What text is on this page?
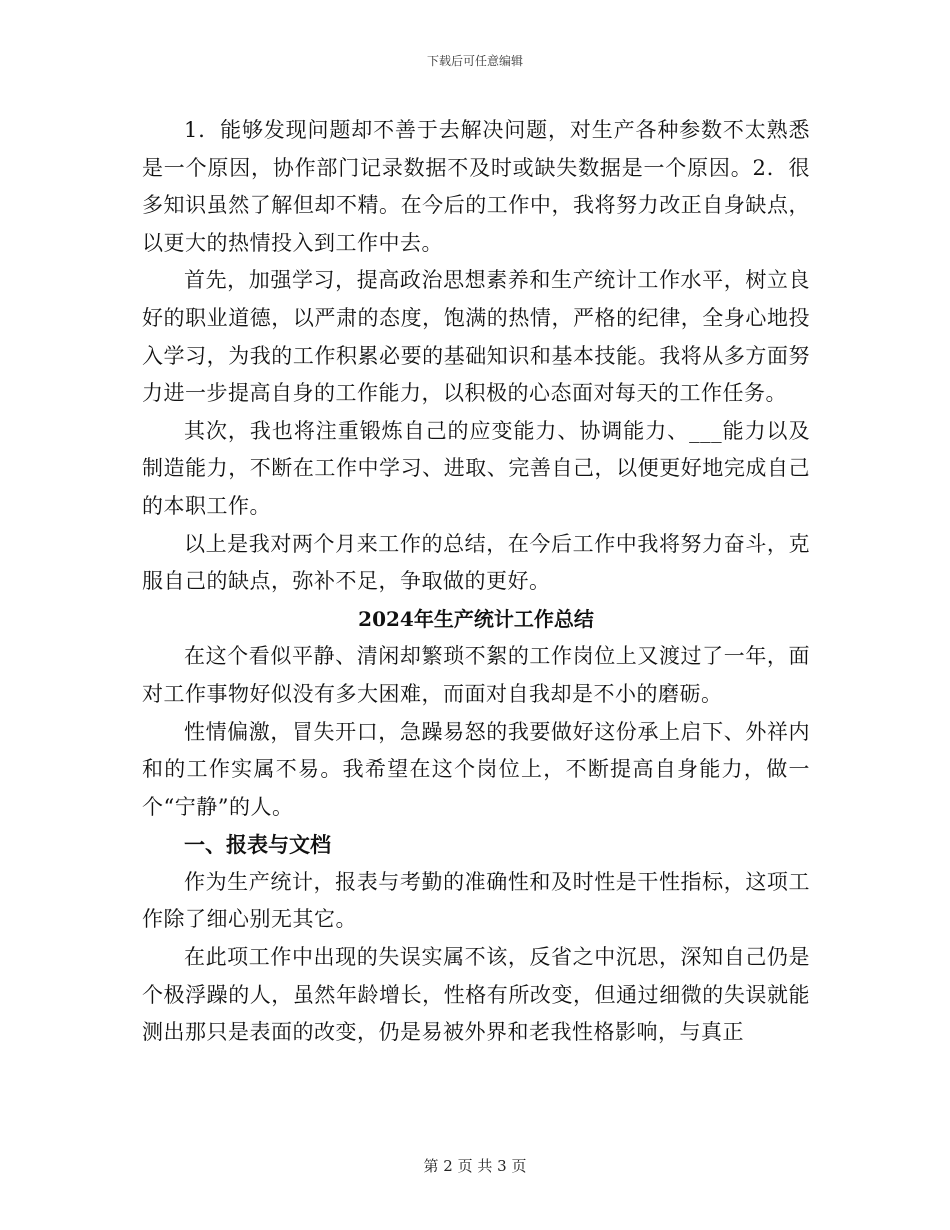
下载后可任意编辑

1．能够发现问题却不善于去解决问题，对生产各种参数不太熟悉是一个原因，协作部门记录数据不及时或缺失数据是一个原因。2．很多知识虽然了解但却不精。在今后的工作中，我将努力改正自身缺点，以更大的热情投入到工作中去。

首先，加强学习，提高政治思想素养和生产统计工作水平，树立良好的职业道德，以严肃的态度，饱满的热情，严格的纪律，全身心地投入学习，为我的工作积累必要的基础知识和基本技能。我将从多方面努力进一步提高自身的工作能力，以积极的心态面对每天的工作任务。

其次，我也将注重锻炼自己的应变能力、协调能力、___能力以及制造能力，不断在工作中学习、进取、完善自己，以便更好地完成自己的本职工作。

以上是我对两个月来工作的总结，在今后工作中我将努力奋斗，克服自己的缺点，弥补不足，争取做的更好。

2024年生产统计工作总结

在这个看似平静、清闲却繁琐不絮的工作岗位上又渡过了一年，面对工作事物好似没有多大困难，而面对自我却是不小的磨砺。

性情偏激，冒失开口，急躁易怒的我要做好这份承上启下、外祥内和的工作实属不易。我希望在这个岗位上，不断提高自身能力，做一个“宁静”的人。

一、报表与文档

作为生产统计，报表与考勤的准确性和及时性是干性指标，这项工作除了细心别无其它。

在此项工作中出现的失误实属不该，反省之中沉思，深知自己仍是个极浮躁的人，虽然年龄增长，性格有所改变，但通过细微的失误就能测出那只是表面的改变，仍是易被外界和老我性格影响，与真正

第 2 页 共 3 页
